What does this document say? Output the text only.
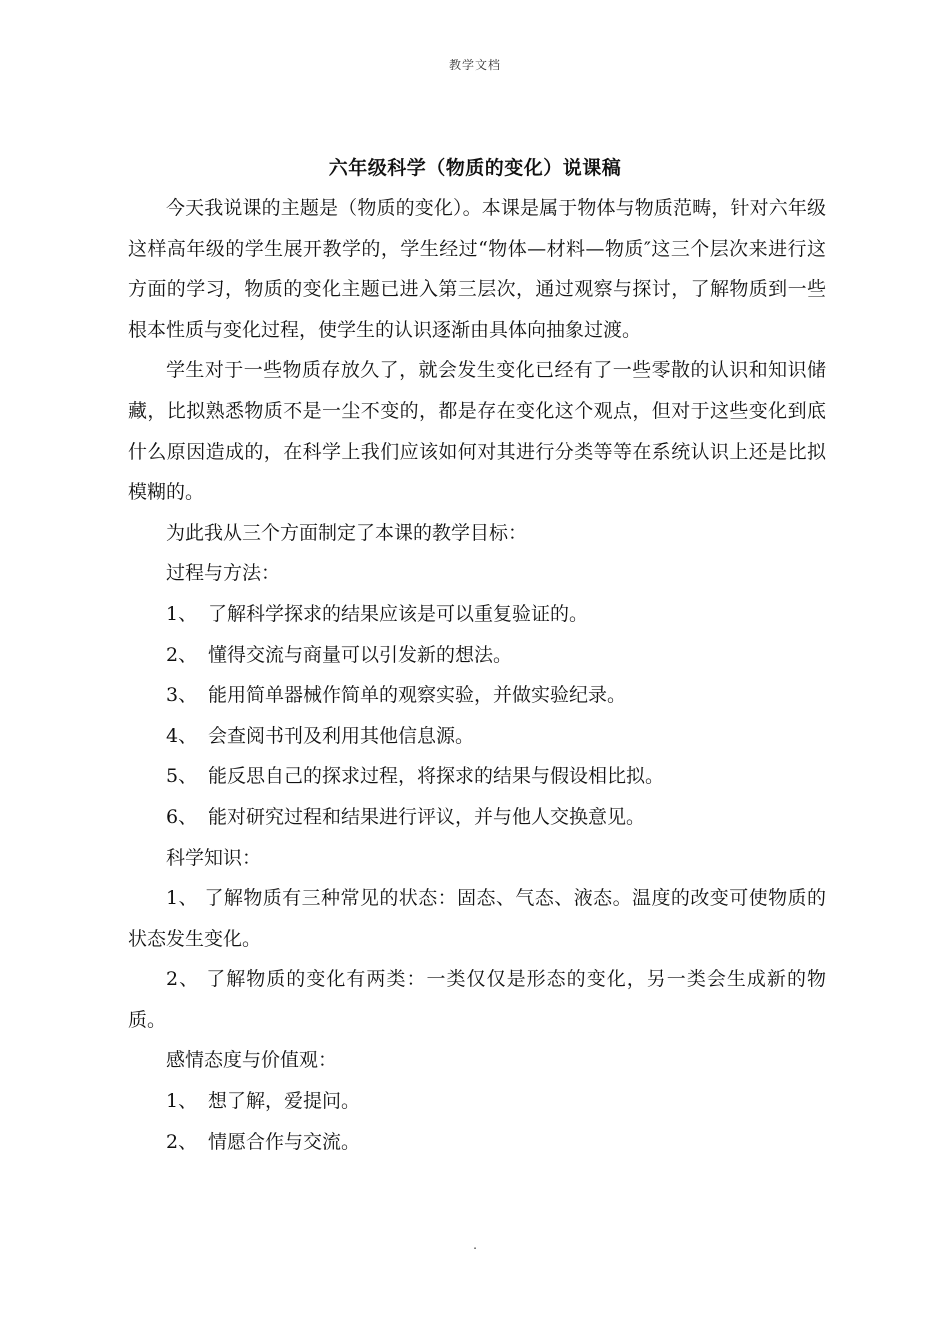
教学文档
六年级科学（物质的变化）说课稿

今天我说课的主题是（物质的变化）。本课是属于物体与物质范畴，针对六年级这样高年级的学生展开教学的，学生经过“物体—材料—物质″这三个层次来进行这方面的学习，物质的变化主题已进入第三层次，通过观察与探讨，了解物质到一些根本性质与变化过程，使学生的认识逐渐由具体向抽象过渡。

学生对于一些物质存放久了，就会发生变化已经有了一些零散的认识和知识储藏，比拟熟悉物质不是一尘不变的，都是存在变化这个观点，但对于这些变化到底什么原因造成的，在科学上我们应该如何对其进行分类等等在系统认识上还是比拟模糊的。

为此我从三个方面制定了本课的教学目标：

过程与方法：

1、 了解科学探求的结果应该是可以重复验证的。

2、 懂得交流与商量可以引发新的想法。

3、 能用简单器械作简单的观察实验，并做实验纪录。

4、 会查阅书刊及利用其他信息源。

5、 能反思自己的探求过程，将探求的结果与假设相比拟。

6、 能对研究过程和结果进行评议，并与他人交换意见。

科学知识：

1、 了解物质有三种常见的状态：固态、气态、液态。温度的改变可使物质的状态发生变化。

2、 了解物质的变化有两类：一类仅仅是形态的变化，另一类会生成新的物质。

感情态度与价值观：

1、 想了解，爱提问。

2、 情愿合作与交流。

.
